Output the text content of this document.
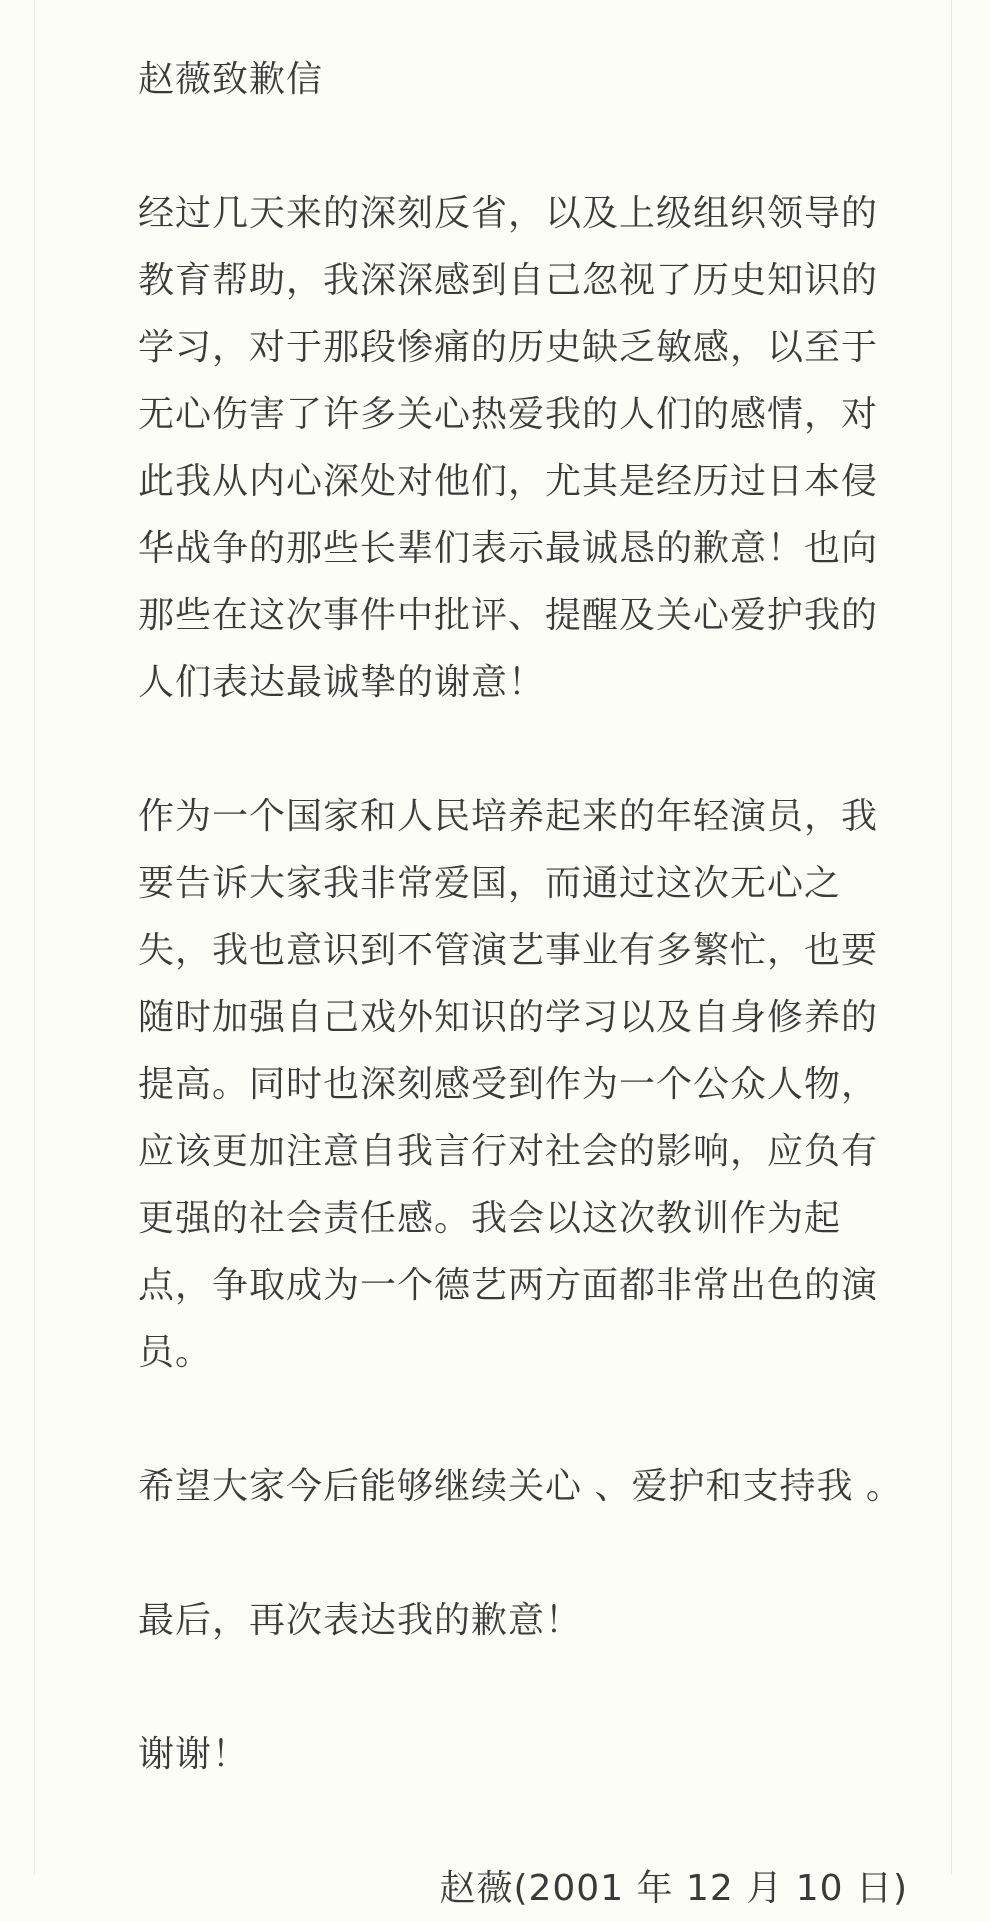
赵薇致歉信

经过几天来的深刻反省，以及上级组织领导的教育帮助，我深深感到自己忽视了历史知识的学习，对于那段惨痛的历史缺乏敏感，以至于无心伤害了许多关心热爱我的人们的感情，对此我从内心深处对他们，尤其是经历过日本侵华战争的那些长辈们表示最诚恳的歉意！也向那些在这次事件中批评、提醒及关心爱护我的人们表达最诚挚的谢意！

作为一个国家和人民培养起来的年轻演员，我要告诉大家我非常爱国，而通过这次无心之失，我也意识到不管演艺事业有多繁忙，也要随时加强自己戏外知识的学习以及自身修养的提高。同时也深刻感受到作为一个公众人物，应该更加注意自我言行对社会的影响，应负有更强的社会责任感。我会以这次教训作为起点，争取成为一个德艺两方面都非常出色的演员。

希望大家今后能够继续关心 、爱护和支持我 。

最后，再次表达我的歉意！

谢谢！

赵薇(2001 年 12 月 10 日)
